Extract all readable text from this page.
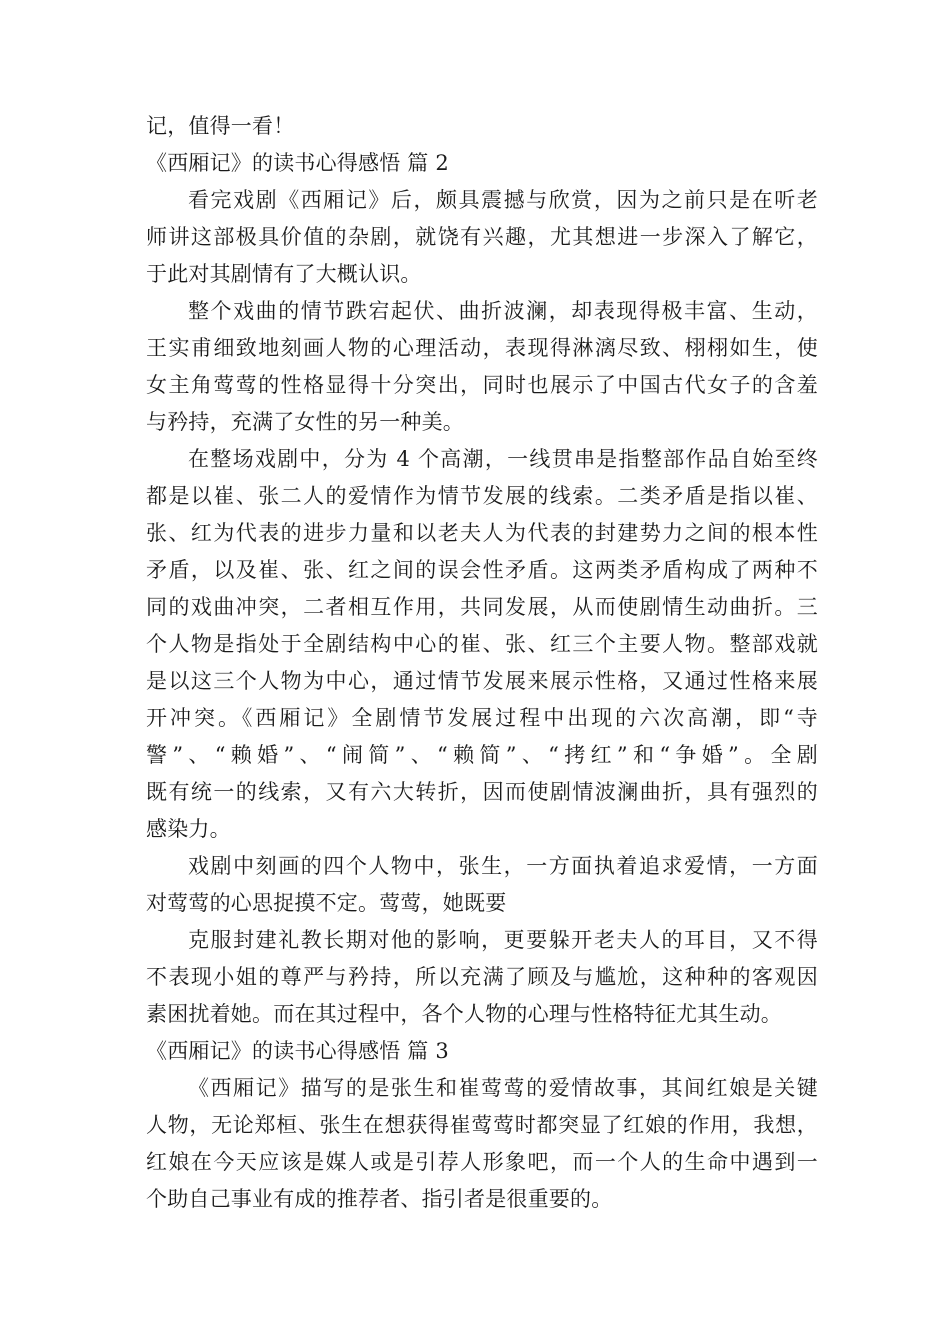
记，值得一看！
《西厢记》的读书心得感悟 篇 2
看完戏剧《西厢记》后，颇具震撼与欣赏，因为之前只是在听老
师讲这部极具价值的杂剧，就饶有兴趣，尤其想进一步深入了解它，
于此对其剧情有了大概认识。
整个戏曲的情节跌宕起伏、曲折波澜，却表现得极丰富、生动，
王实甫细致地刻画人物的心理活动，表现得淋漓尽致、栩栩如生，使
女主角莺莺的性格显得十分突出，同时也展示了中国古代女子的含羞
与矜持，充满了女性的另一种美。
在整场戏剧中，分为 4 个高潮，一线贯串是指整部作品自始至终
都是以崔、张二人的爱情作为情节发展的线索。二类矛盾是指以崔、
张、红为代表的进步力量和以老夫人为代表的封建势力之间的根本性
矛盾，以及崔、张、红之间的误会性矛盾。这两类矛盾构成了两种不
同的戏曲冲突，二者相互作用，共同发展，从而使剧情生动曲折。三
个人物是指处于全剧结构中心的崔、张、红三个主要人物。整部戏就
是以这三个人物为中心，通过情节发展来展示性格，又通过性格来展
开冲突。《西厢记》全剧情节发展过程中出现的六次高潮，即“寺
警”、“赖婚”、“闹简”、“赖简”、“拷红”和“争婚”。全剧
既有统一的线索，又有六大转折，因而使剧情波澜曲折，具有强烈的
感染力。
戏剧中刻画的四个人物中，张生，一方面执着追求爱情，一方面
对莺莺的心思捉摸不定。莺莺，她既要
克服封建礼教长期对他的影响，更要躲开老夫人的耳目，又不得
不表现小姐的尊严与矜持，所以充满了顾及与尴尬，这种种的客观因
素困扰着她。而在其过程中，各个人物的心理与性格特征尤其生动。
《西厢记》的读书心得感悟 篇 3
《西厢记》描写的是张生和崔莺莺的爱情故事，其间红娘是关键
人物，无论郑桓、张生在想获得崔莺莺时都突显了红娘的作用，我想，
红娘在今天应该是媒人或是引荐人形象吧，而一个人的生命中遇到一
个助自己事业有成的推荐者、指引者是很重要的。
